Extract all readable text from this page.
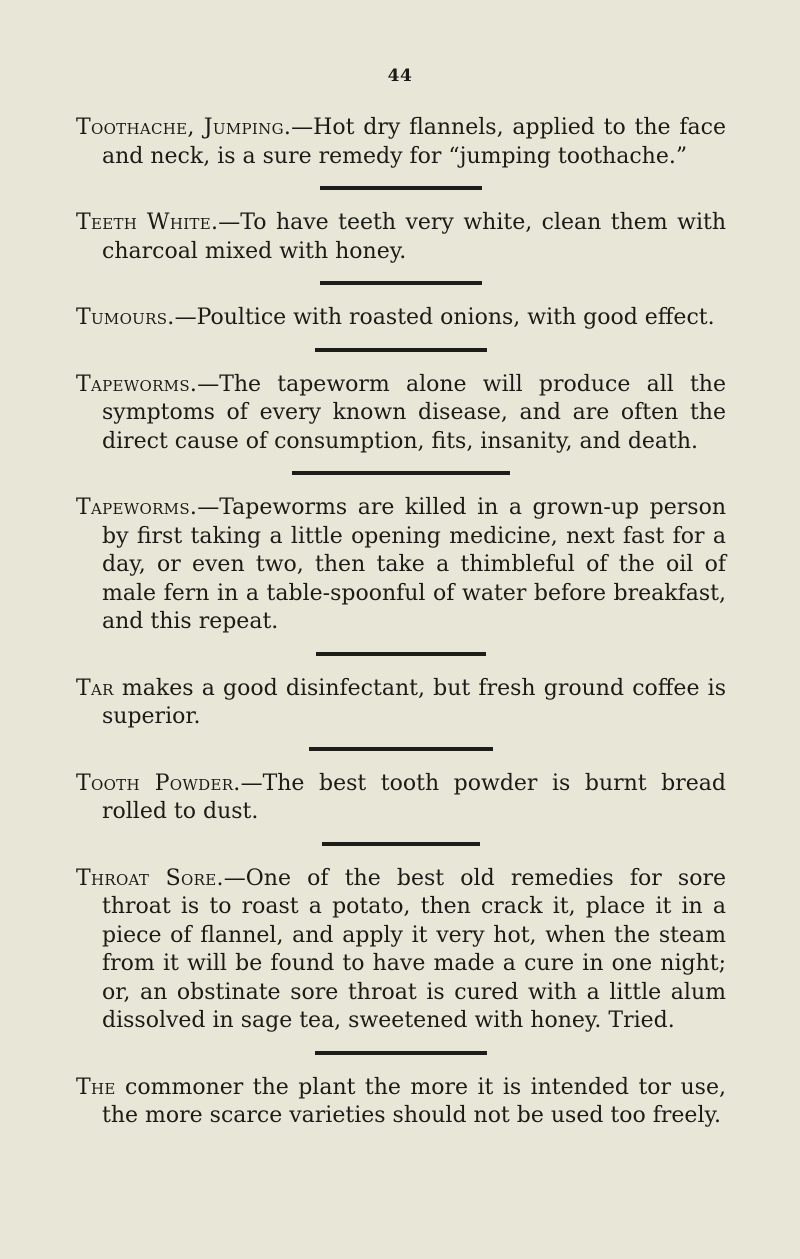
44
Toothache, Jumping.—Hot dry flannels, applied to the face and neck, is a sure remedy for “jumping toothache.”
Teeth White.—To have teeth very white, clean them with charcoal mixed with honey.
Tumours.—Poultice with roasted onions, with good effect.
Tapeworms.—The tapeworm alone will produce all the symptoms of every known disease, and are often the direct cause of consumption, fits, insanity, and death.
Tapeworms.—Tapeworms are killed in a grown-up person by first taking a little opening medicine, next fast for a day, or even two, then take a thimbleful of the oil of male fern in a table-spoonful of water before breakfast, and this repeat.
Tar makes a good disinfectant, but fresh ground coffee is superior.
Tooth Powder.—The best tooth powder is burnt bread rolled to dust.
Throat Sore.—One of the best old remedies for sore throat is to roast a potato, then crack it, place it in a piece of flannel, and apply it very hot, when the steam from it will be found to have made a cure in one night; or, an obstinate sore throat is cured with a little alum dissolved in sage tea, sweetened with honey. Tried.
The commoner the plant the more it is intended tor use, the more scarce varieties should not be used too freely.
